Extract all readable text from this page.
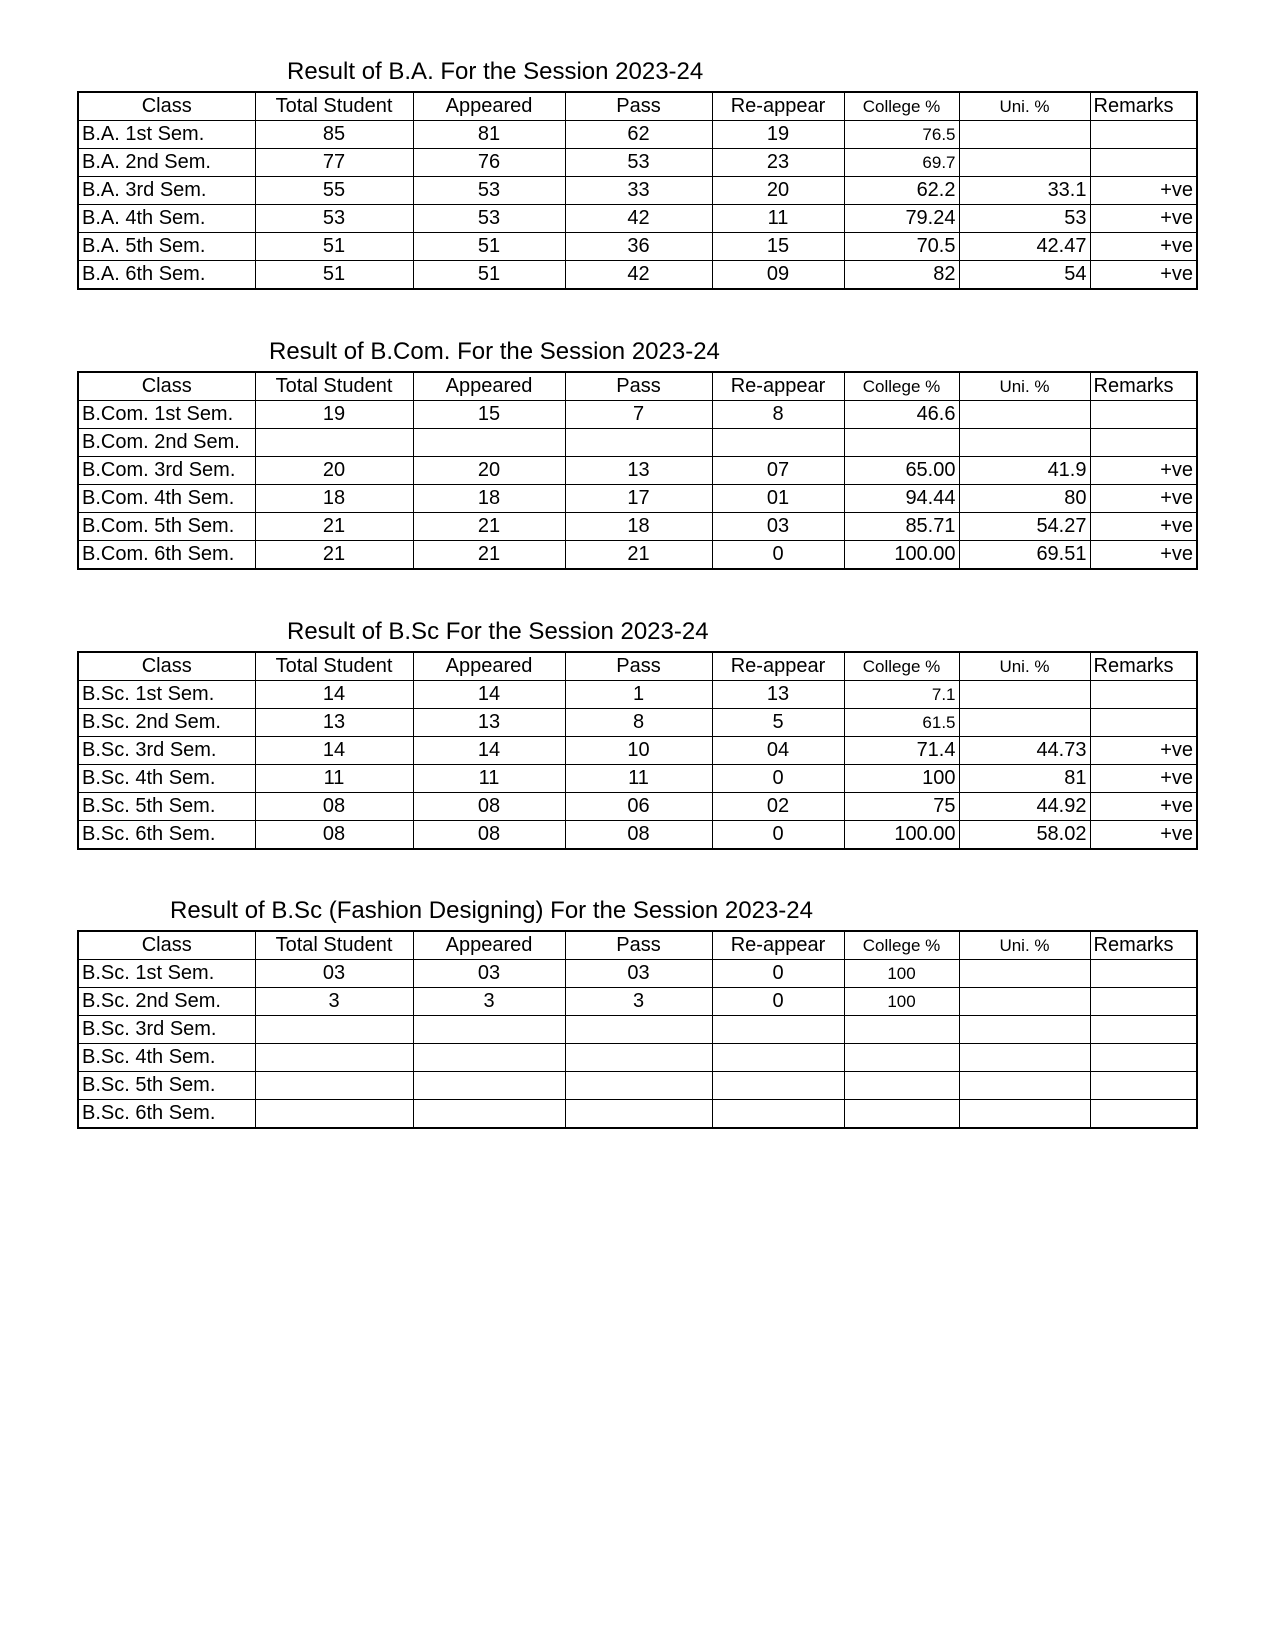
Result of B.A. For the Session 2023-24
Class	Total Student	Appeared	Pass	Re-appear	College %	Uni. %	Remarks
B.A. 1st Sem.	85	81	62	19	76.5		
B.A. 2nd Sem.	77	76	53	23	69.7		
B.A. 3rd Sem.	55	53	33	20	62.2	33.1	+ve
B.A. 4th Sem.	53	53	42	11	79.24	53	+ve
B.A. 5th Sem.	51	51	36	15	70.5	42.47	+ve
B.A. 6th Sem.	51	51	42	09	82	54	+ve
Result of B.Com. For the Session 2023-24
Class	Total Student	Appeared	Pass	Re-appear	College %	Uni. %	Remarks
B.Com. 1st Sem.	19	15	7	8	46.6		
B.Com. 2nd Sem.							
B.Com. 3rd Sem.	20	20	13	07	65.00	41.9	+ve
B.Com. 4th Sem.	18	18	17	01	94.44	80	+ve
B.Com. 5th Sem.	21	21	18	03	85.71	54.27	+ve
B.Com. 6th Sem.	21	21	21	0	100.00	69.51	+ve
Result of B.Sc For the Session 2023-24
Class	Total Student	Appeared	Pass	Re-appear	College %	Uni. %	Remarks
B.Sc. 1st Sem.	14	14	1	13	7.1		
B.Sc. 2nd Sem.	13	13	8	5	61.5		
B.Sc. 3rd Sem.	14	14	10	04	71.4	44.73	+ve
B.Sc. 4th Sem.	11	11	11	0	100	81	+ve
B.Sc. 5th Sem.	08	08	06	02	75	44.92	+ve
B.Sc. 6th Sem.	08	08	08	0	100.00	58.02	+ve
Result of B.Sc (Fashion Designing) For the Session 2023-24
Class	Total Student	Appeared	Pass	Re-appear	College %	Uni. %	Remarks
B.Sc. 1st Sem.	03	03	03	0	100		
B.Sc. 2nd Sem.	3	3	3	0	100		
B.Sc. 3rd Sem.							
B.Sc. 4th Sem.							
B.Sc. 5th Sem.							
B.Sc. 6th Sem.							
